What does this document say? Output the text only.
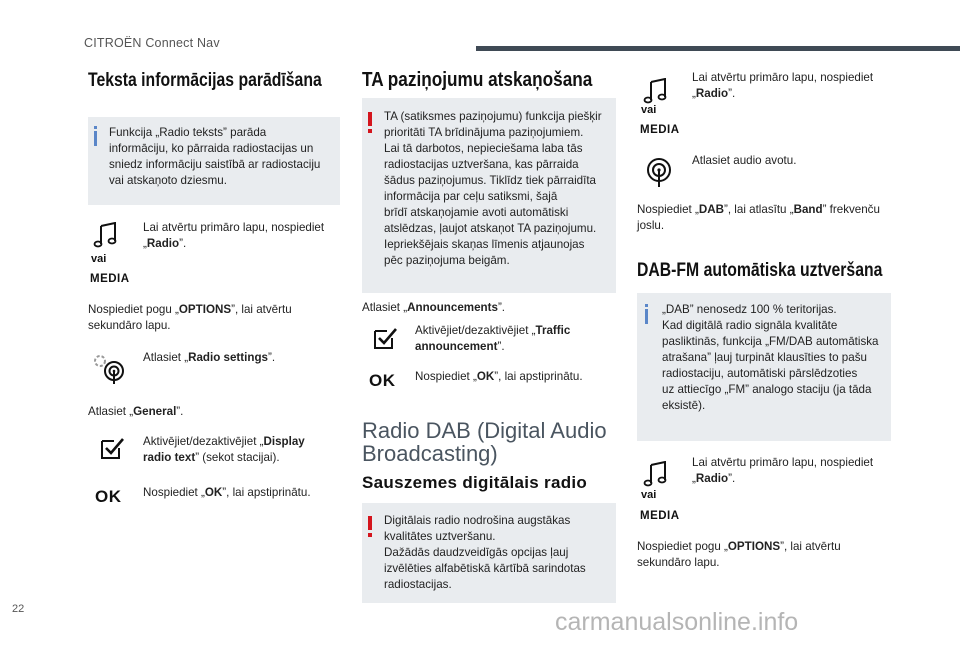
CITROËN Connect Nav
Teksta informācijas parādīšana
Funkcija „Radio teksts” parāda
informāciju, ko pārraida radiostacijas un
sniedz informāciju saistībā ar radiostaciju
vai atskaņoto dziesmu.
vai
MEDIA
Lai atvērtu primāro lapu, nospiediet
„Radio”.
Nospiediet pogu „OPTIONS”, lai atvērtu
sekundāro lapu.
Atlasiet „Radio settings”.
Atlasiet „General”.
Aktivējiet/dezaktivējiet „Display
radio text” (sekot stacijai).
OK Nospiediet „OK”, lai apstiprinātu.
TA paziņojumu atskaņošana
TA (satiksmes paziņojumu) funkcija piešķir
prioritāti TA brīdinājuma paziņojumiem.
Lai tā darbotos, nepieciešama laba tās
radiostacijas uztveršana, kas pārraida
šādus paziņojumus. Tiklīdz tiek pārraidīta
informācija par ceļu satiksmi, šajā
brīdī atskaņojamie avoti automātiski
atslēdzas, ļaujot atskaņot TA paziņojumu.
Iepriekšējais skaņas līmenis atjaunojas
pēc paziņojuma beigām.
Atlasiet „Announcements”.
Aktivējiet/dezaktivējiet „Traffic
announcement”.
OK Nospiediet „OK”, lai apstiprinātu.
Radio DAB (Digital Audio
Broadcasting)
Sauszemes digitālais radio
Digitālais radio nodrošina augstākas
kvalitātes uztveršanu.
Dažādās daudzveidīgās opcijas ļauj
izvēlēties alfabētiskā kārtībā sarindotas
radiostacijas.
vai
MEDIA
Lai atvērtu primāro lapu, nospiediet
„Radio”.
Atlasiet audio avotu.
Nospiediet „DAB”, lai atlasītu „Band” frekvenču
joslu.
DAB-FM automātiska uztveršana
„DAB” nenosedz 100 % teritorijas.
Kad digitālā radio signāla kvalitāte
pasliktinās, funkcija „FM/DAB automātiska
atrašana” ļauj turpināt klausīties to pašu
radiostaciju, automātiski pārslēdzoties
uz attiecīgo „FM” analogo staciju (ja tāda
eksistē).
vai
MEDIA
Lai atvērtu primāro lapu, nospiediet
„Radio”.
Nospiediet pogu „OPTIONS”, lai atvērtu
sekundāro lapu.
22	carmanualsonline.info
